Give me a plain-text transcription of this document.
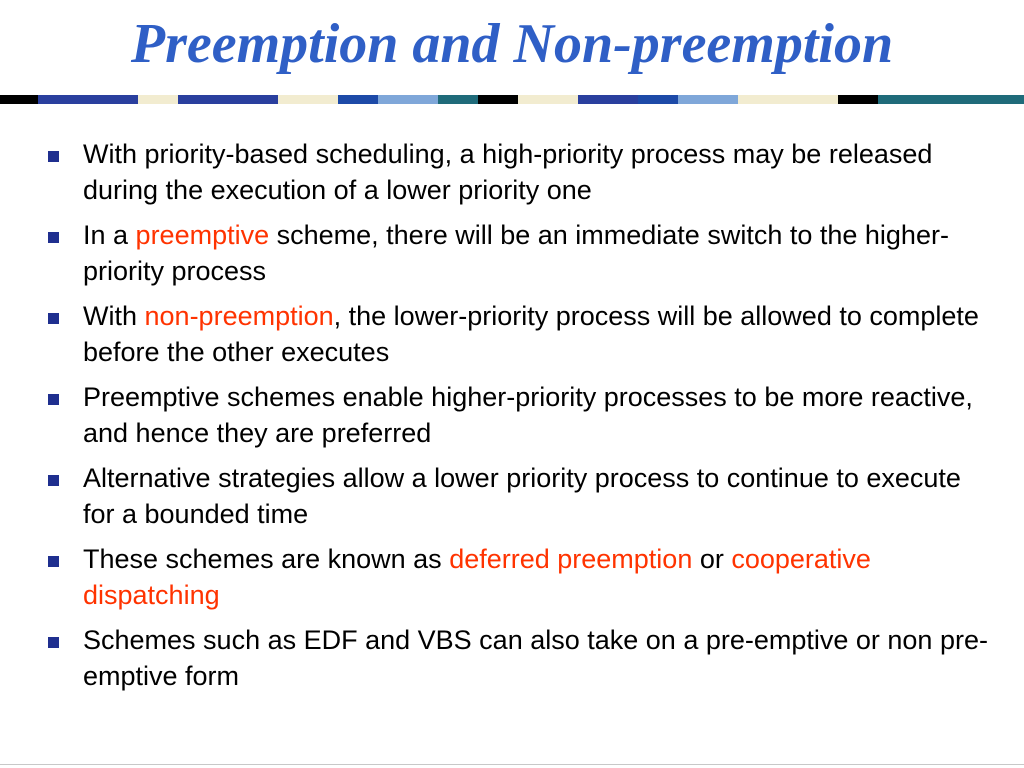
Preemption and Non-preemption
With priority-based scheduling, a high-priority process may be released during the execution of a lower priority one
In a preemptive scheme, there will be an immediate switch to the higher-priority process
With non-preemption, the lower-priority process will be allowed to complete before the other executes
Preemptive schemes enable higher-priority processes to be more reactive, and hence they are preferred
Alternative strategies allow a lower priority process to continue to execute for a bounded time
These schemes are known as deferred preemption or cooperative dispatching
Schemes such as EDF and VBS can also take on a pre-emptive or non pre-emptive form
